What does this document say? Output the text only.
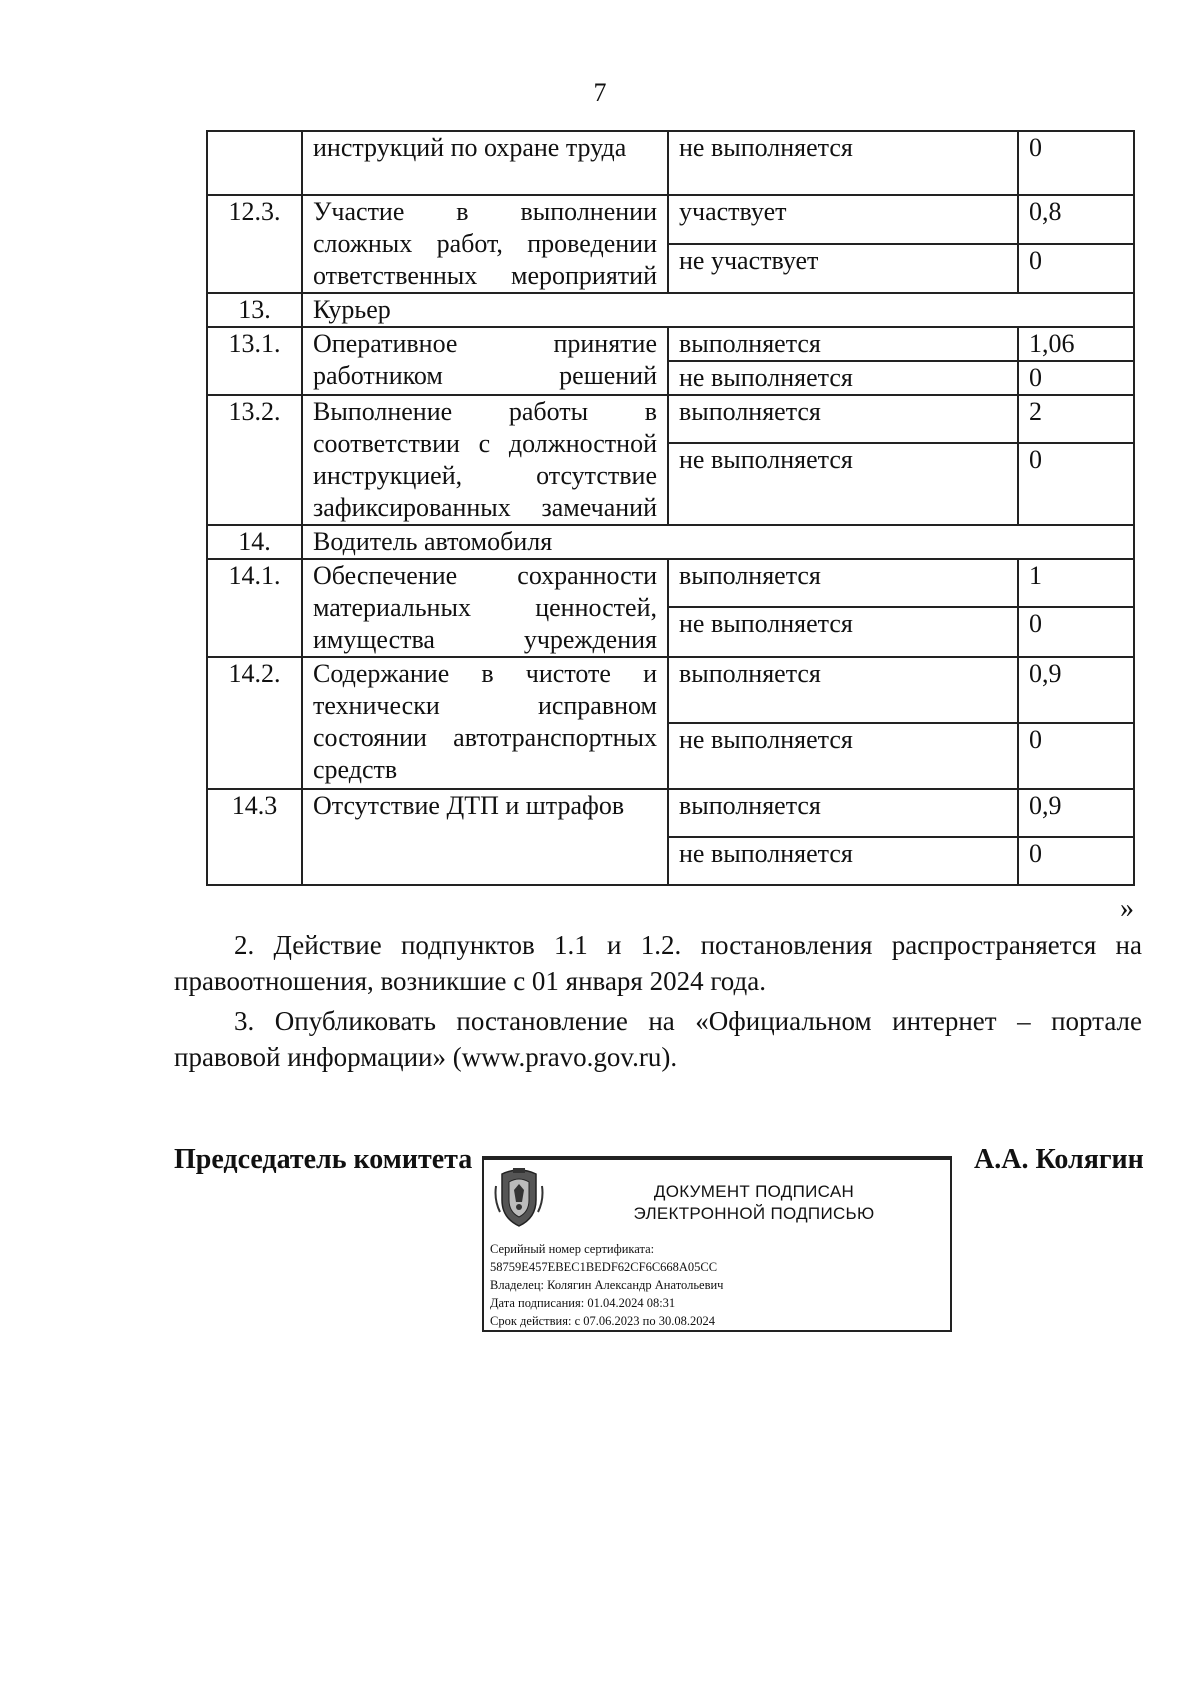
7
	инструкций по охране труда	не выполняется	0
12.3.	Участие в выполнении сложных работ, проведении ответственных мероприятий	участвует	0,8
		не участвует	0
13.	Курьер		
13.1.	Оперативное принятие работником решений	выполняется	1,06
		не выполняется	0
13.2.	Выполнение работы в соответствии с должностной инструкцией, отсутствие зафиксированных замечаний	выполняется	2
		не выполняется	0
14.	Водитель автомобиля		
14.1.	Обеспечение сохранности материальных ценностей, имущества учреждения	выполняется	1
		не выполняется	0
14.2.	Содержание в чистоте и технически исправном состоянии автотранспортных средств	выполняется	0,9
		не выполняется	0
14.3	Отсутствие ДТП и штрафов	выполняется	0,9
		не выполняется	0
»
2. Действие подпунктов 1.1 и 1.2. постановления распространяется на правоотношения, возникшие с 01 января 2024 года.
3. Опубликовать постановление на «Официальном интернет – портале правовой информации» (www.pravo.gov.ru).
Председатель комитета	А.А. Колягин
ДОКУМЕНТ ПОДПИСАН
ЭЛЕКТРОННОЙ ПОДПИСЬЮ
Серийный номер сертификата:
58759E457EBEC1BEDF62CF6C668A05CC
Владелец: Колягин Александр Анатольевич
Дата подписания: 01.04.2024 08:31
Срок действия: с 07.06.2023 по 30.08.2024
